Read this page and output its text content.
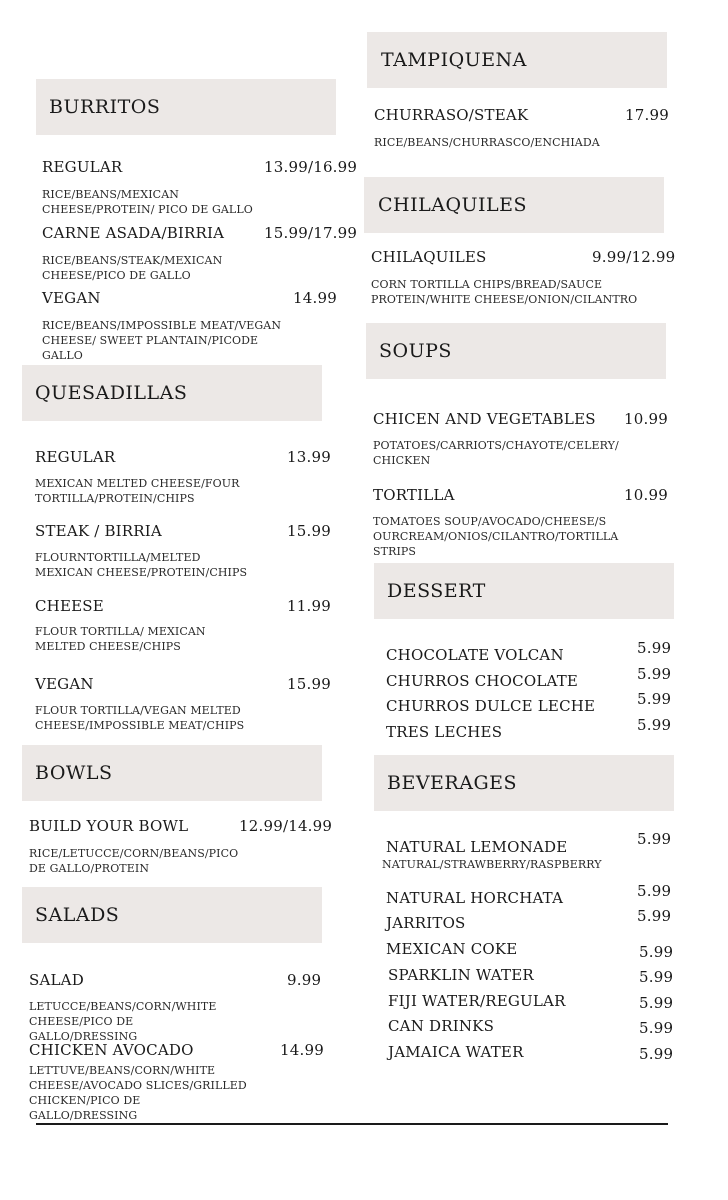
BURRITOS
REGULAR	13.99/16.99
RICE/BEANS/MEXICAN CHEESE/PROTEIN/ PICO DE GALLO
CARNE ASADA/BIRRIA	15.99/17.99
RICE/BEANS/STEAK/MEXICAN CHEESE/PICO DE GALLO
VEGAN	14.99
RICE/BEANS/IMPOSSIBLE MEAT/VEGAN CHEESE/ SWEET PLANTAIN/PICODE GALLO
QUESADILLAS
REGULAR	13.99
MEXICAN MELTED CHEESE/FOUR TORTILLA/PROTEIN/CHIPS
STEAK / BIRRIA	15.99
FLOURNTORTILLA/MELTED MEXICAN CHEESE/PROTEIN/CHIPS
CHEESE	11.99
FLOUR TORTILLA/ MEXICAN MELTED CHEESE/CHIPS
VEGAN	15.99
FLOUR TORTILLA/VEGAN MELTED CHEESE/IMPOSSIBLE MEAT/CHIPS
BOWLS
BUILD YOUR BOWL	12.99/14.99
RICE/LETUCCE/CORN/BEANS/PICO DE GALLO/PROTEIN
SALADS
SALAD	9.99
LETUCCE/BEANS/CORN/WHITE CHEESE/PICO DE GALLO/DRESSING
CHICKEN AVOCADO	14.99
LETTUVE/BEANS/CORN/WHITE CHEESE/AVOCADO SLICES/GRILLED CHICKEN/PICO DE GALLO/DRESSING
TAMPIQUENA
CHURRASO/STEAK	17.99
RICE/BEANS/CHURRASCO/ENCHIADA
CHILAQUILES
CHILAQUILES	9.99/12.99
CORN TORTILLA CHIPS/BREAD/SAUCE PROTEIN/WHITE CHEESE/ONION/CILANTRO
SOUPS
CHICEN AND VEGETABLES 10.99
POTATOES/CARRIOTS/CHAYOTE/CELERY/ CHICKEN
TORTILLA	10.99
TOMATOES SOUP/AVOCADO/CHEESE/S OURCREAM/ONIOS/CILANTRO/TORTILLA STRIPS
DESSERT
CHOCOLATE VOLCAN	5.99
CHURROS CHOCOLATE	5.99
CHURROS DULCE LECHE	5.99
TRES LECHES	5.99
BEVERAGES
NATURAL LEMONADE	5.99
NATURAL/STRAWBERRY/RASPBERRY
NATURAL HORCHATA	5.99
JARRITOS	5.99
MEXICAN COKE	5.99
SPARKLIN WATER	5.99
FIJI WATER/REGULAR	5.99
CAN DRINKS	5.99
JAMAICA WATER	5.99
